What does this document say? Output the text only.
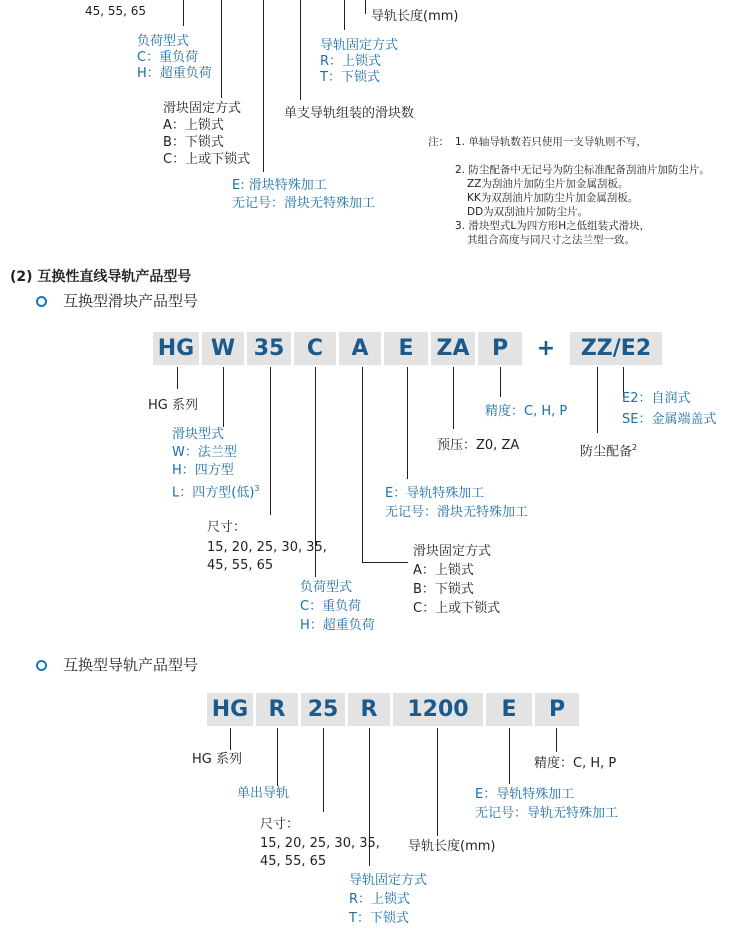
45, 55, 65	导轨长度(mm)
负荷型式
C：重负荷
H：超重负荷
导轨固定方式
R：上锁式
T：下锁式
滑块固定方式
A：上锁式
B：下锁式
C：上或下锁式
单支导轨组装的滑块数
E: 滑块特殊加工
无记号：滑块无特殊加工
注： 1. 单轴导轨数若只使用一支导轨则不写，
2. 防尘配备中无记号为防尘标准配备刮油片加防尘片。
ZZ为刮油片加防尘片加金属刮板。
KK为双刮油片加防尘片加金属刮板。
DD为双刮油片加防尘片。
3. 滑块型式L为四方形H之低组装式滑块，
其组合高度与同尺寸之法兰型一致。
(2) 互换性直线导轨产品型号
互换型滑块产品型号
HG W 35	C	A	E	ZA	P	+	ZZ/E2
HG 系列
滑块型式
W：法兰型
H：四方型
L：四方型(低)$^3$
尺寸：
15, 20, 25, 30, 35,
45, 55, 65
负荷型式
C：重负荷
H：超重负荷
滑块固定方式
A：上锁式
B：下锁式
C：上或下锁式
E：导轨特殊加工
无记号：滑块无特殊加工
预压：Z0, ZA
精度：C, H, P
防尘配备$^2$
E2：自润式
SE：金属端盖式
互换型导轨产品型号
HG R	25	R	1200	E	P
HG 系列
单出导轨
尺寸：
15, 20, 25, 30, 35,
45, 55, 65
导轨固定方式
R：上锁式
T：下锁式
导轨长度(mm)
E：导轨特殊加工
无记号：导轨无特殊加工
精度：C, H, P
